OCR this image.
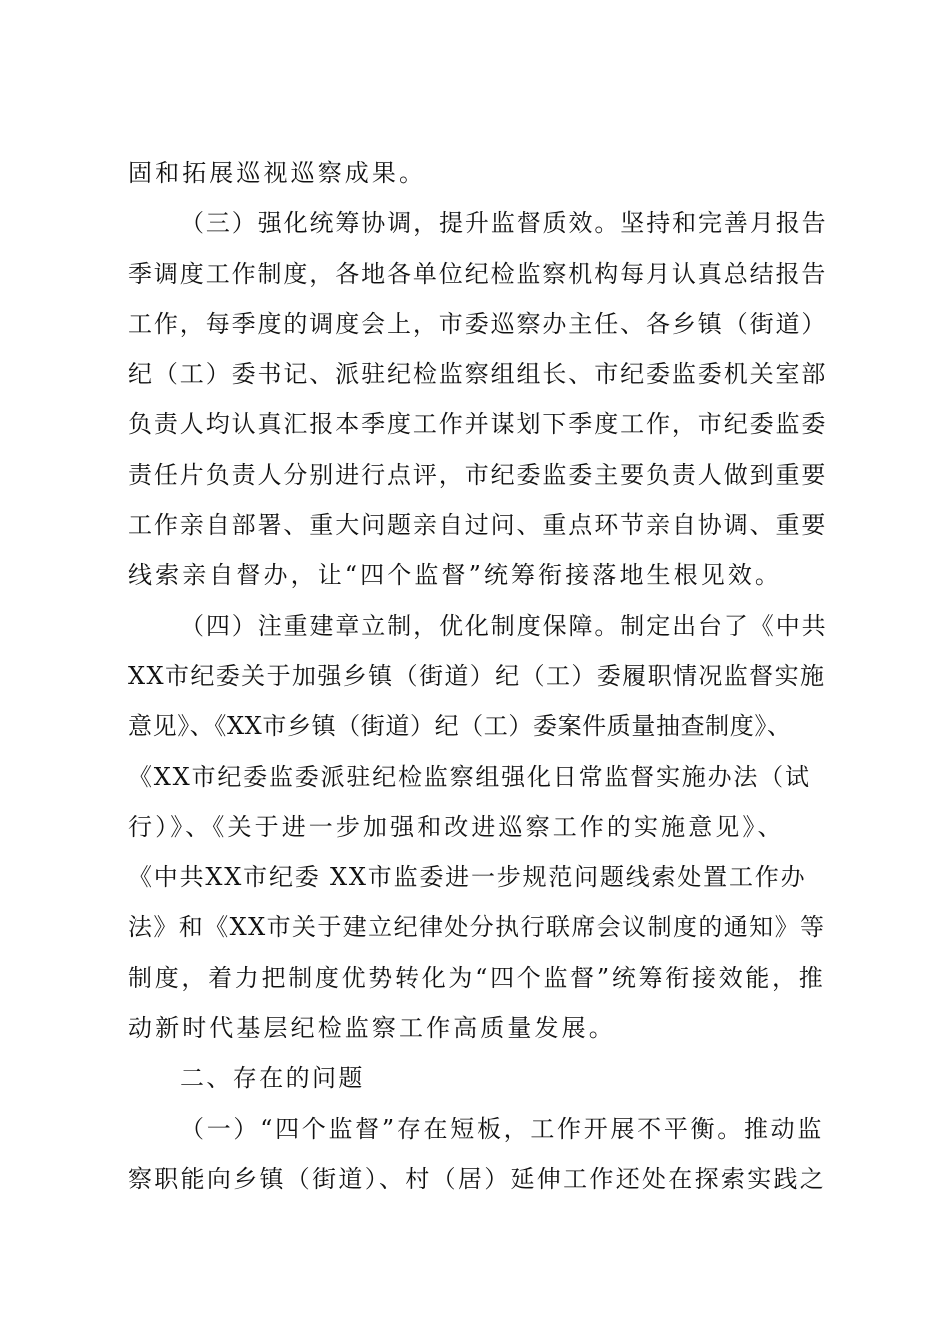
固和拓展巡视巡察成果。
（三）强化统筹协调，提升监督质效。坚持和完善月报告
季调度工作制度，各地各单位纪检监察机构每月认真总结报告
工作，每季度的调度会上，市委巡察办主任、各乡镇（街道）
纪（工）委书记、派驻纪检监察组组长、市纪委监委机关室部
负责人均认真汇报本季度工作并谋划下季度工作，市纪委监委
责任片负责人分别进行点评，市纪委监委主要负责人做到重要
工作亲自部署、重大问题亲自过问、重点环节亲自协调、重要
线索亲自督办，让“四个监督”统筹衔接落地生根见效。
（四）注重建章立制，优化制度保障。制定出台了《中共
XX市纪委关于加强乡镇（街道）纪（工）委履职情况监督实施
意见》、《XX市乡镇（街道）纪（工）委案件质量抽查制度》、
《XX市纪委监委派驻纪检监察组强化日常监督实施办法（试
行）》、《关于进一步加强和改进巡察工作的实施意见》、
《中共XX市纪委 XX市监委进一步规范问题线索处置工作办
法》和《XX市关于建立纪律处分执行联席会议制度的通知》等
制度，着力把制度优势转化为“四个监督”统筹衔接效能，推
动新时代基层纪检监察工作高质量发展。
二、存在的问题
（一）“四个监督”存在短板，工作开展不平衡。推动监
察职能向乡镇（街道）、村（居）延伸工作还处在探索实践之
